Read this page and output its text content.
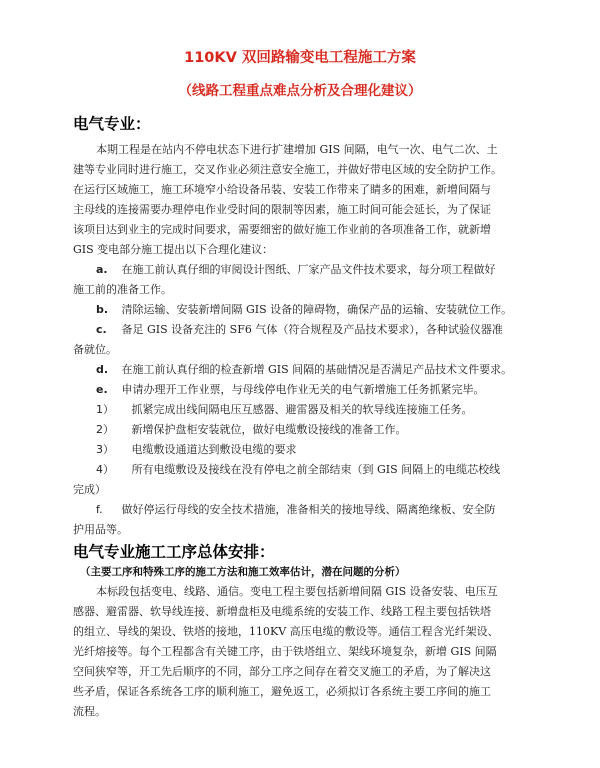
110KV 双回路输变电工程施工方案
（线路工程重点难点分析及合理化建议）
电气专业：
本期工程是在站内不停电状态下进行扩建增加 GIS 间隔，电气一次、电气二次、土
建等专业同时进行施工，交叉作业必须注意安全施工，并做好带电区域的安全防护工作。
在运行区域施工，施工环境窄小给设备吊装、安装工作带来了睛多的困难，新增间隔与
主母线的连接需要办理停电作业受时间的限制等因素，施工时间可能会延长，为了保证
该项目达到业主的完成时间要求，需要细密的做好施工作业前的各项准备工作，就新增
GIS 变电部分施工提出以下合理化建议：
a. 在施工前认真仔细的审阅设计图纸、厂家产品文件技术要求，每分项工程做好
施工前的准备工作。
b. 清除运输、安装新增间隔 GIS 设备的障碍物，确保产品的运输、安装就位工作。
c. 备足 GIS 设备充注的 SF6 气体（符合规程及产品技术要求），各种试验仪器准
备就位。
d. 在施工前认真仔细的检查新增 GIS 间隔的基础情况是否满足产品技术文件要求。
e. 申请办理开工作业票，与母线停电作业无关的电气新增施工任务抓紧完毕。
1） 抓紧完成出线间隔电压互感器、避雷器及相关的软导线连接施工任务。
2） 新增保护盘柜安装就位，做好电缆敷设接线的准备工作。
3） 电缆敷设通道达到敷设电缆的要求
4） 所有电缆敷设及接线在没有停电之前全部结束（到 GIS 间隔上的电缆芯校线
完成）
f. 做好停运行母线的安全技术措施，准备相关的接地导线、隔离绝缘板、安全防
护用品等。
电气专业施工工序总体安排：
（主要工序和特殊工序的施工方法和施工效率估计，潜在问题的分析）
本标段包括变电、线路、通信。变电工程主要包括新增间隔 GIS 设备安装、电压互
感器、避雷器、软导线连接、新增盘柜及电缆系统的安装工作、线路工程主要包括铁塔
的组立、导线的架设、铁塔的接地，110KV 高压电缆的敷设等。通信工程含光纤架设、
光纤熔接等。每个工程都含有关键工序，由于铁塔组立、架线环境复杂，新增 GIS 间隔
空间狭窄等，开工先后顺序的不同，部分工序之间存在着交叉施工的矛盾，为了解决这
些矛盾，保证各系统各工序的顺利施工，避免返工，必须拟订各系统主要工序间的施工
流程。
